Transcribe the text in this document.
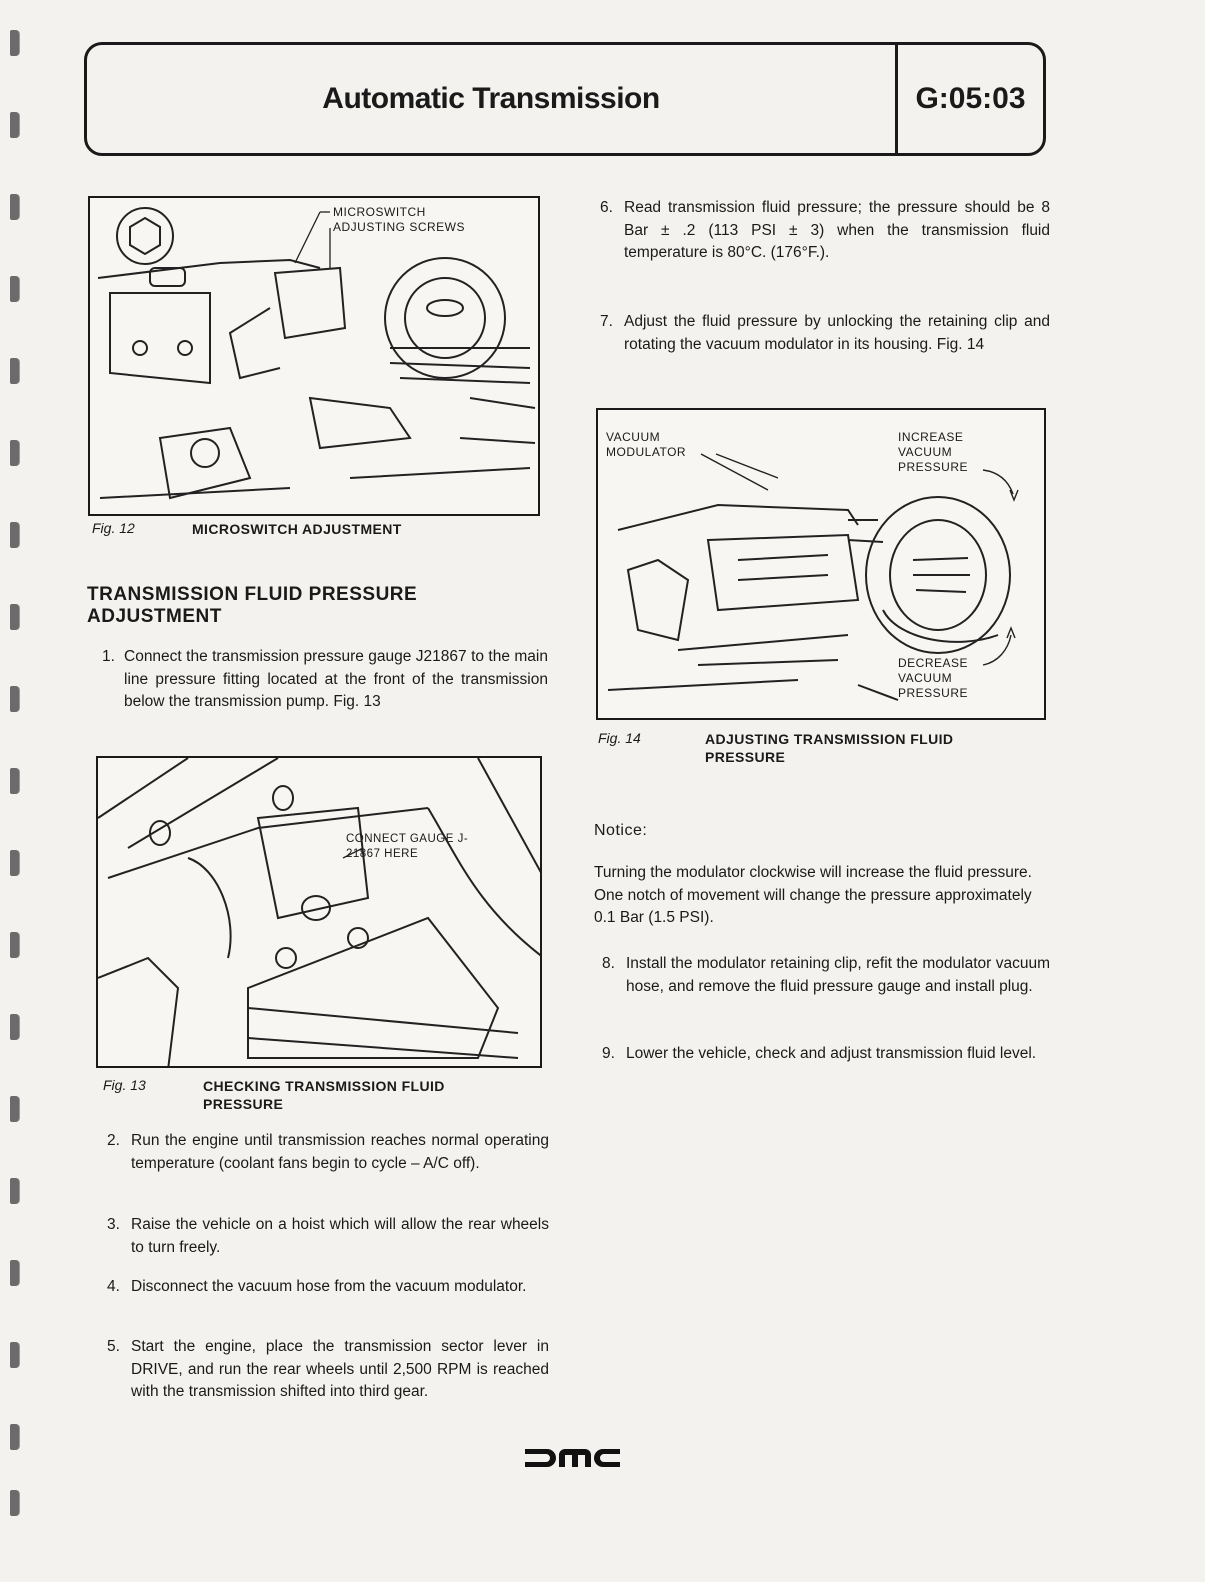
Automatic Transmission	G:05:03
MICROSWITCH ADJUSTING SCREWS
Fig. 12	MICROSWITCH ADJUSTMENT
TRANSMISSION FLUID PRESSURE ADJUSTMENT
1. Connect the transmission pressure gauge J21867 to the main line pressure fitting located at the front of the transmission below the transmission pump. Fig. 13
CONNECT GAUGE J-21867 HERE
Fig. 13	CHECKING TRANSMISSION FLUID PRESSURE
2. Run the engine until transmission reaches normal operating temperature (coolant fans begin to cycle – A/C off).
3. Raise the vehicle on a hoist which will allow the rear wheels to turn freely.
4. Disconnect the vacuum hose from the vacuum modulator.
5. Start the engine, place the transmission sector lever in DRIVE, and run the rear wheels until 2,500 RPM is reached with the transmission shifted into third gear.
6. Read transmission fluid pressure; the pressure should be 8 Bar ± .2 (113 PSI ± 3) when the transmission fluid temperature is 80°C. (176°F.).
7. Adjust the fluid pressure by unlocking the retaining clip and rotating the vacuum modulator in its housing. Fig. 14
VACUUM MODULATOR
INCREASE VACUUM PRESSURE
DECREASE VACUUM PRESSURE
Fig. 14	ADJUSTING TRANSMISSION FLUID PRESSURE
Notice:
Turning the modulator clockwise will increase the fluid pressure. One notch of movement will change the pressure approximately 0.1 Bar (1.5 PSI).
8. Install the modulator retaining clip, refit the modulator vacuum hose, and remove the fluid pressure gauge and install plug.
9. Lower the vehicle, check and adjust transmission fluid level.
